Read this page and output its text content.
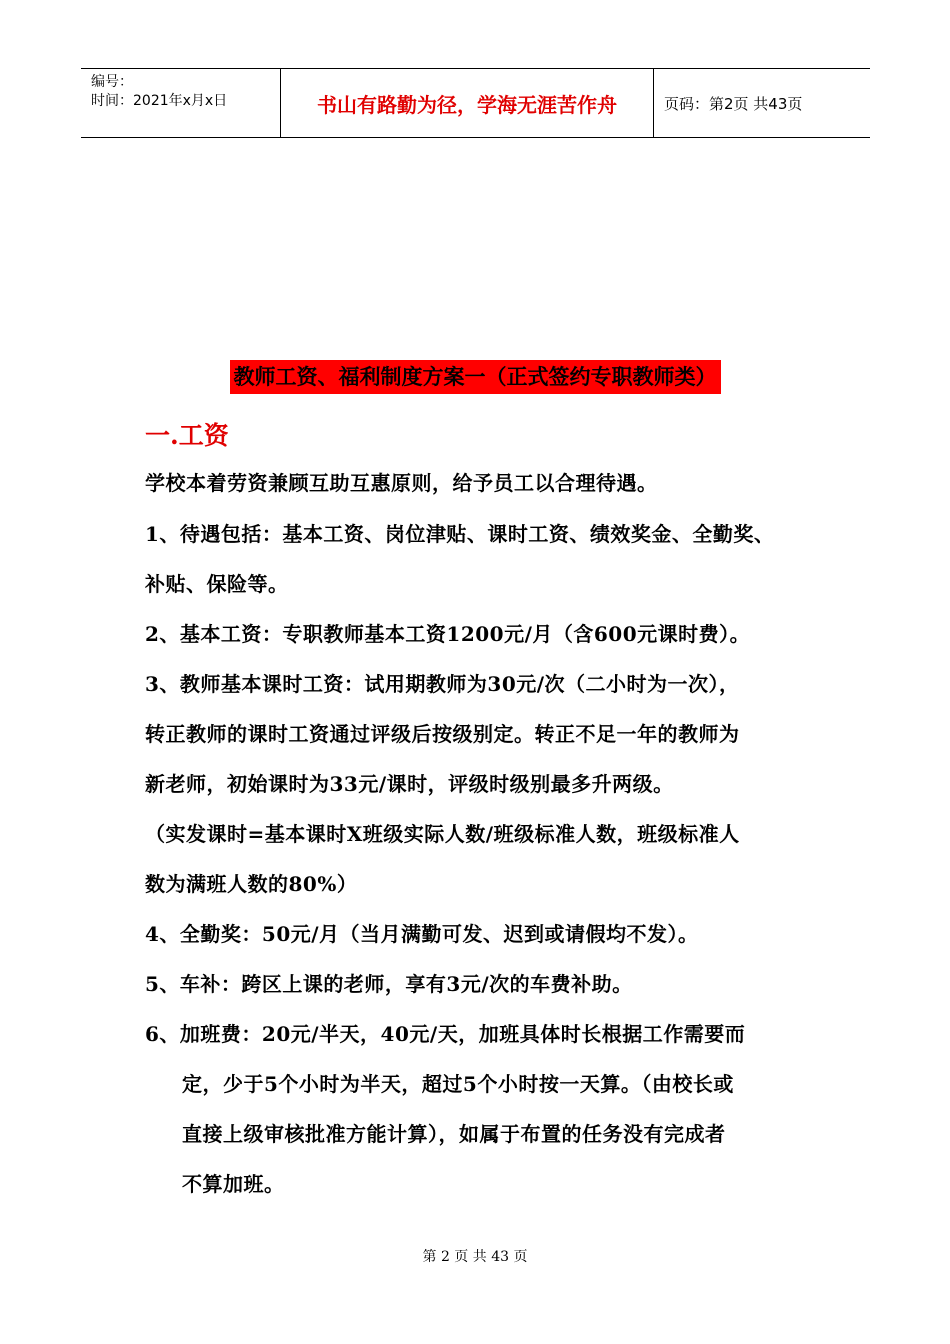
编号：
时间：2021年x月x日	书山有路勤为径，学海无涯苦作舟	页码：第2页 共43页
教师工资、福利制度方案一（正式签约专职教师类）
一.工资
学校本着劳资兼顾互助互惠原则，给予员工以合理待遇。
1、待遇包括：基本工资、岗位津贴、课时工资、绩效奖金、全勤奖、
补贴、保险等。
2、基本工资：专职教师基本工资1200元/月（含600元课时费）。
3、教师基本课时工资：试用期教师为30元/次（二小时为一次），
转正教师的课时工资通过评级后按级别定。转正不足一年的教师为
新老师，初始课时为33元/课时，评级时级别最多升两级。
（实发课时=基本课时X班级实际人数/班级标准人数，班级标准人
数为满班人数的80%）
4、全勤奖：50元/月（当月满勤可发、迟到或请假均不发）。
5、车补：跨区上课的老师，享有3元/次的车费补助。
6、加班费：20元/半天，40元/天，加班具体时长根据工作需要而
定，少于5个小时为半天，超过5个小时按一天算。（由校长或
直接上级审核批准方能计算），如属于布置的任务没有完成者
不算加班。
第 2 页 共 43 页
